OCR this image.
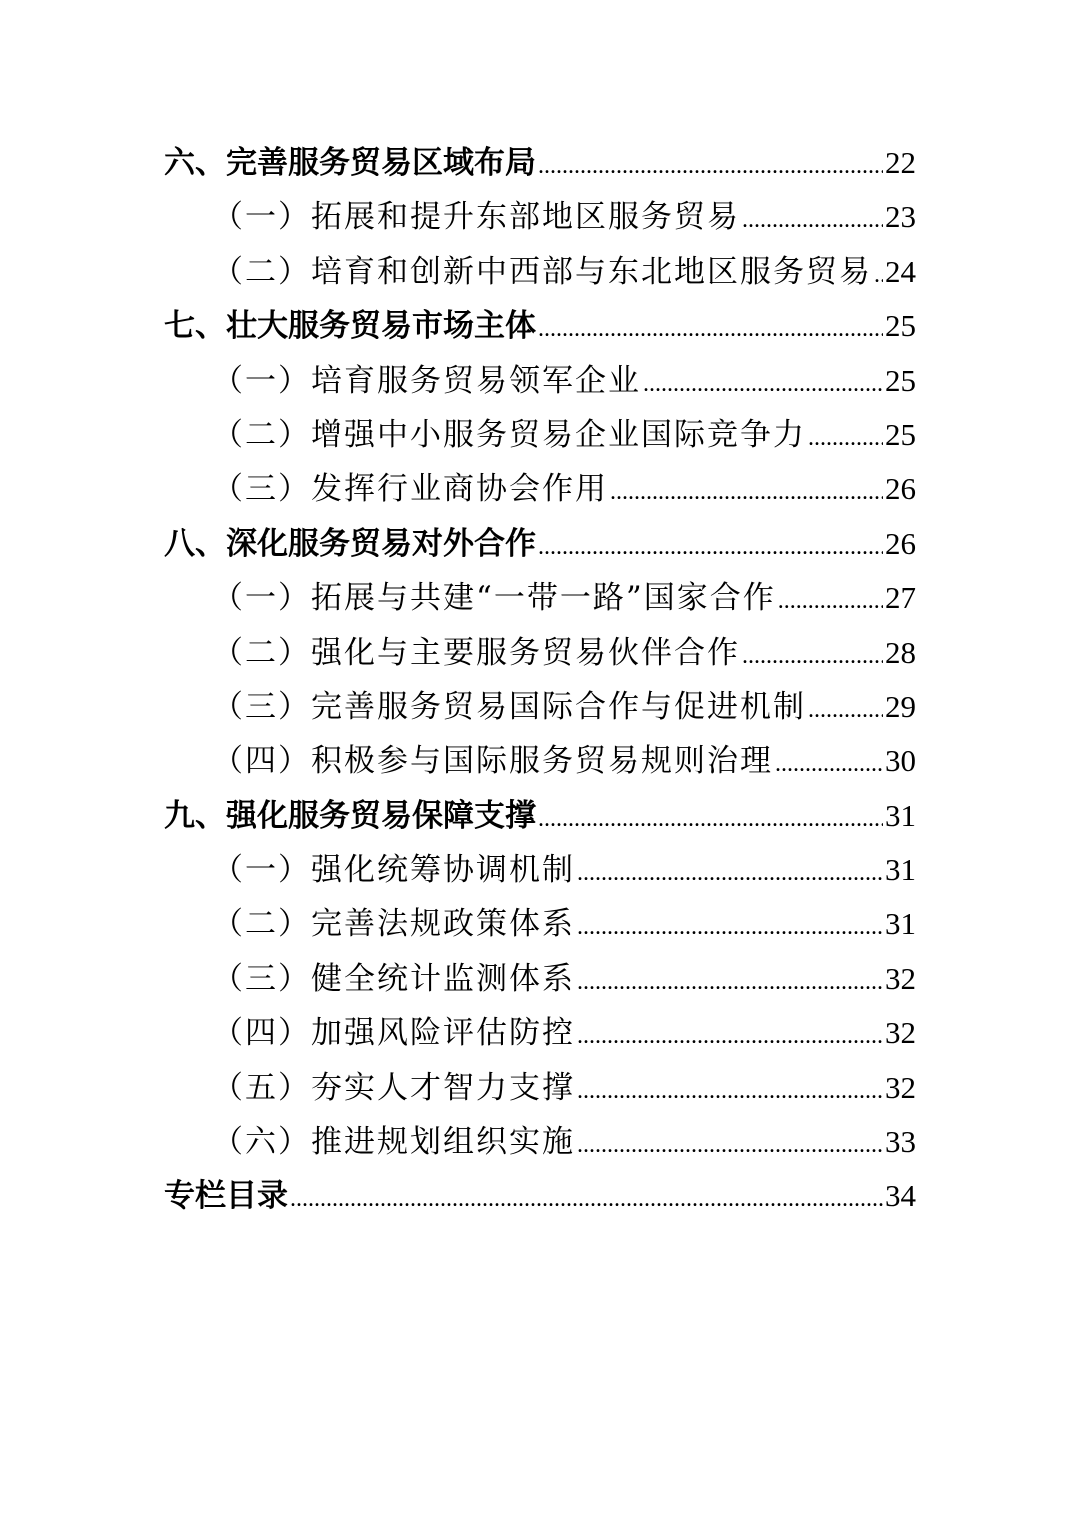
六、完善服务贸易区域布局 .....	22
（一）拓展和提升东部地区服务贸易 .....	23
（二）培育和创新中西部与东北地区服务贸易 ..... 24
七、壮大服务贸易市场主体 .....	25
（一）培育服务贸易领军企业 .....	25
（二）增强中小服务贸易企业国际竞争力 .....	25
（三）发挥行业商协会作用 .....	26
八、深化服务贸易对外合作 .....	26
（一）拓展与共建“一带一路”国家合作 .....	27
（二）强化与主要服务贸易伙伴合作 .....	28
（三）完善服务贸易国际合作与促进机制 .....	29
（四）积极参与国际服务贸易规则治理 .....	30
九、强化服务贸易保障支撑 .....	31
（一）强化统筹协调机制 .....	31
（二）完善法规政策体系 .....	31
（三）健全统计监测体系 .....	32
（四）加强风险评估防控 .....	32
（五）夯实人才智力支撑 .....	32
（六）推进规划组织实施 .....	33
专栏目录 .....	34
